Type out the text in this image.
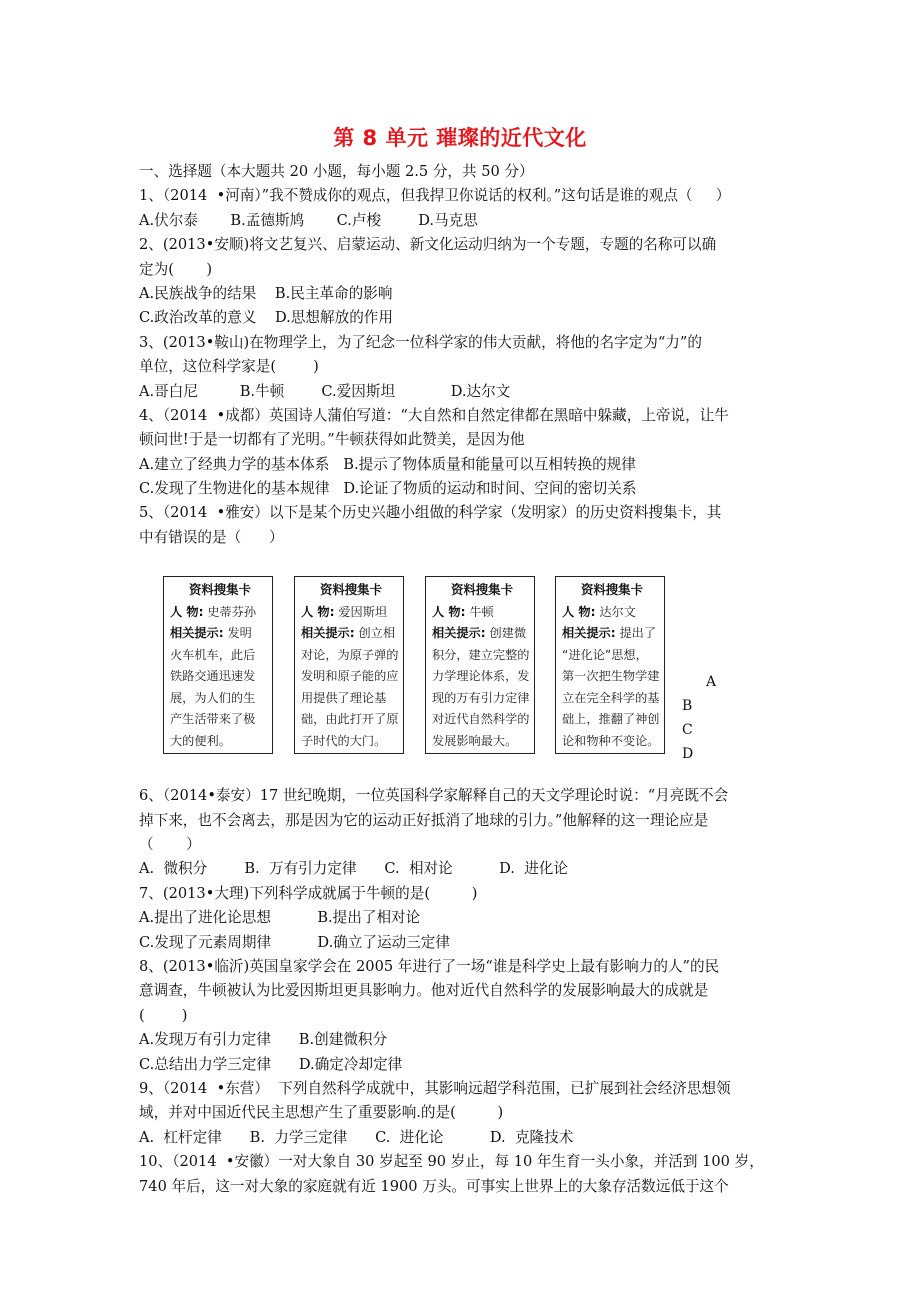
第 8 单元 璀璨的近代文化
一、选择题（本大题共 20 小题，每小题 2.5 分，共 50 分）
1、（2014  •河南）”我不赞成你的观点，但我捍卫你说话的权利。”这句话是谁的观点（     ）
A.伏尔泰       B.孟德斯鸠       C.卢梭        D.马克思
2、(2013•安顺)将文艺复兴、启蒙运动、新文化运动归纳为一个专题，专题的名称可以确
定为(       )
A.民族战争的结果    B.民主革命的影响
C.政治改革的意义    D.思想解放的作用
3、(2013•鞍山)在物理学上，为了纪念一位科学家的伟大贡献，将他的名字定为“力”的
单位，这位科学家是(        )
A.哥白尼         B.牛顿        C.爱因斯坦            D.达尔文
4、（2014  •成都）英国诗人蒲伯写道：“大自然和自然定律都在黑暗中躲藏，上帝说，让牛
顿问世!于是一切都有了光明。”牛顿获得如此赞美，是因为他
A.建立了经典力学的基本体系   B.提示了物体质量和能量可以互相转换的规律
C.发现了生物进化的基本规律   D.论证了物质的运动和时间、空间的密切关系
5、（2014  •雅安）以下是某个历史兴趣小组做的科学家（发明家）的历史资料搜集卡，其
中有错误的是（      ）
资料搜集卡
人 物: 史蒂芬孙
相关提示: 发明
火车机车，此后
铁路交通迅速发
展，为人们的生
产生活带来了极
大的便利。
资料搜集卡
人 物: 爱因斯坦
相关提示: 创立相
对论，为原子弹的
发明和原子能的应
用提供了理论基
础，由此打开了原
子时代的大门。
资料搜集卡
人 物: 牛顿
相关提示: 创建微
积分，建立完整的
力学理论体系，发
现的万有引力定律
对近代自然科学的
发展影响最大。
资料搜集卡
人 物: 达尔文
相关提示: 提出了
“进化论”思想，
第一次把生物学建
立在完全科学的基
础上，推翻了神创
论和物种不变论。
A
B
C
D
6、（2014•泰安）17 世纪晚期，一位英国科学家解释自己的天文学理论时说：“月亮既不会
掉下来，也不会离去，那是因为它的运动正好抵消了地球的引力。”他解释的这一理论应是
（       ）
A.  微积分        B.  万有引力定律      C.  相对论          D.  进化论
7、(2013•大理)下列科学成就属于牛顿的是(         )
A.提出了进化论思想          B.提出了相对论
C.发现了元素周期律          D.确立了运动三定律
8、(2013•临沂)英国皇家学会在 2005 年进行了一场“谁是科学史上最有影响力的人”的民
意调查，牛顿被认为比爱因斯坦更具影响力。他对近代自然科学的发展影响最大的成就是
(        )
A.发现万有引力定律      B.创建微积分
C.总结出力学三定律      D.确定冷却定律
9、（2014  •东营）  下列自然科学成就中，其影响远超学科范围，已扩展到社会经济思想领
域，并对中国近代民主思想产生了重要影响.的是(         )
A.  杠杆定律      B.  力学三定律      C.  进化论          D.  克隆技术
10、（2014  •安徽）一对大象自 30 岁起至 90 岁止，每 10 年生育一头小象，并活到 100 岁，
740 年后，这一对大象的家庭就有近 1900 万头。可事实上世界上的大象存活数远低于这个
